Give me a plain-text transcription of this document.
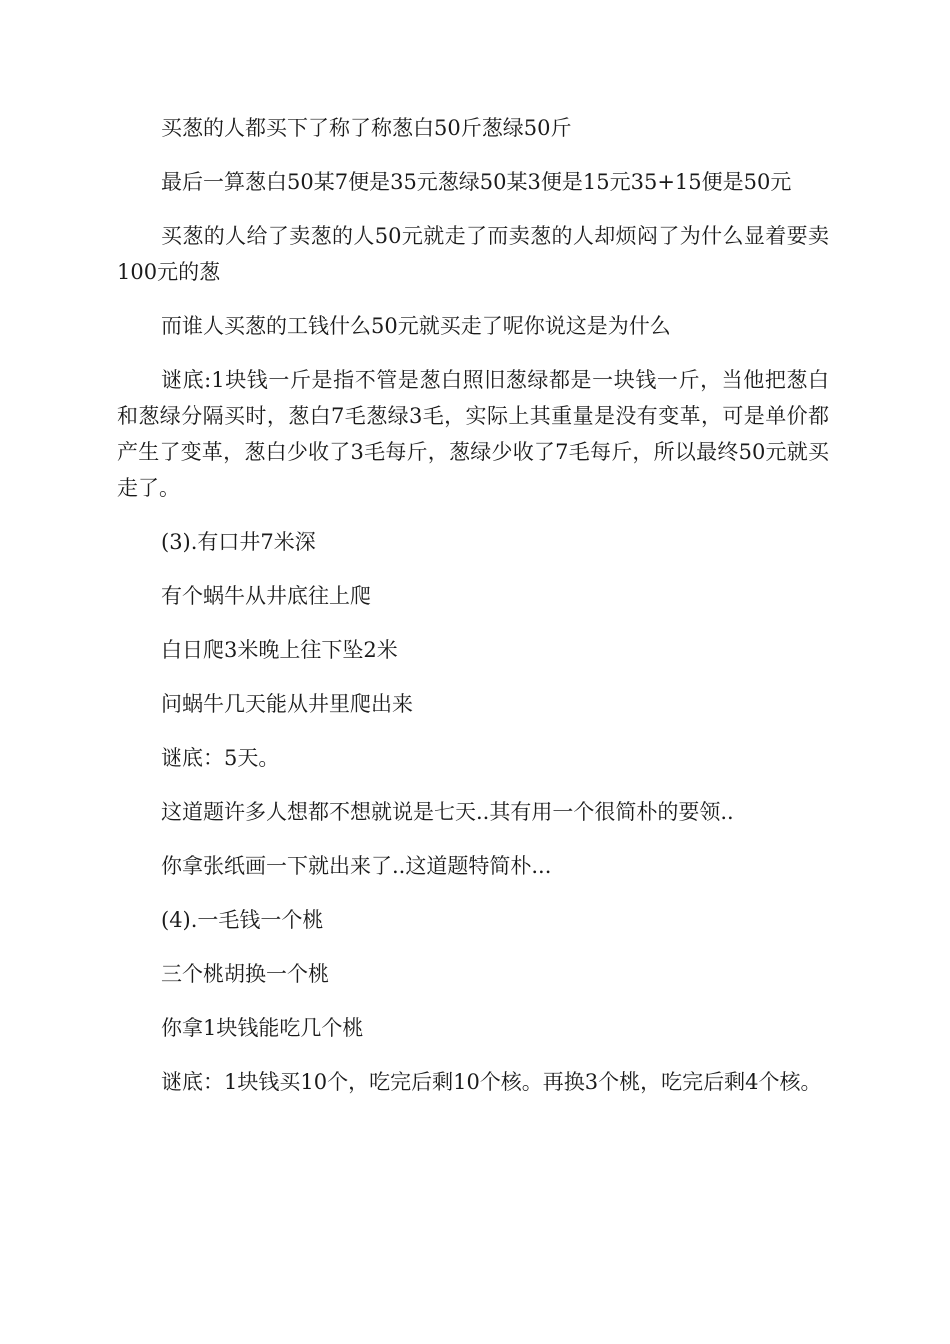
买葱的人都买下了称了称葱白50斤葱绿50斤

最后一算葱白50某7便是35元葱绿50某3便是15元35+15便是50元

买葱的人给了卖葱的人50元就走了而卖葱的人却烦闷了为什么显着要卖100元的葱

而谁人买葱的工钱什么50元就买走了呢你说这是为什么

谜底:1块钱一斤是指不管是葱白照旧葱绿都是一块钱一斤，当他把葱白和葱绿分隔买时，葱白7毛葱绿3毛，实际上其重量是没有变革，可是单价都产生了变革，葱白少收了3毛每斤，葱绿少收了7毛每斤，所以最终50元就买走了。

(3).有口井7米深

有个蜗牛从井底往上爬

白日爬3米晚上往下坠2米

问蜗牛几天能从井里爬出来

谜底：5天。

这道题许多人想都不想就说是七天..其有用一个很简朴的要领..

你拿张纸画一下就出来了..这道题特简朴...

(4).一毛钱一个桃

三个桃胡换一个桃

你拿1块钱能吃几个桃

谜底：1块钱买10个，吃完后剩10个核。再换3个桃，吃完后剩4个核。
